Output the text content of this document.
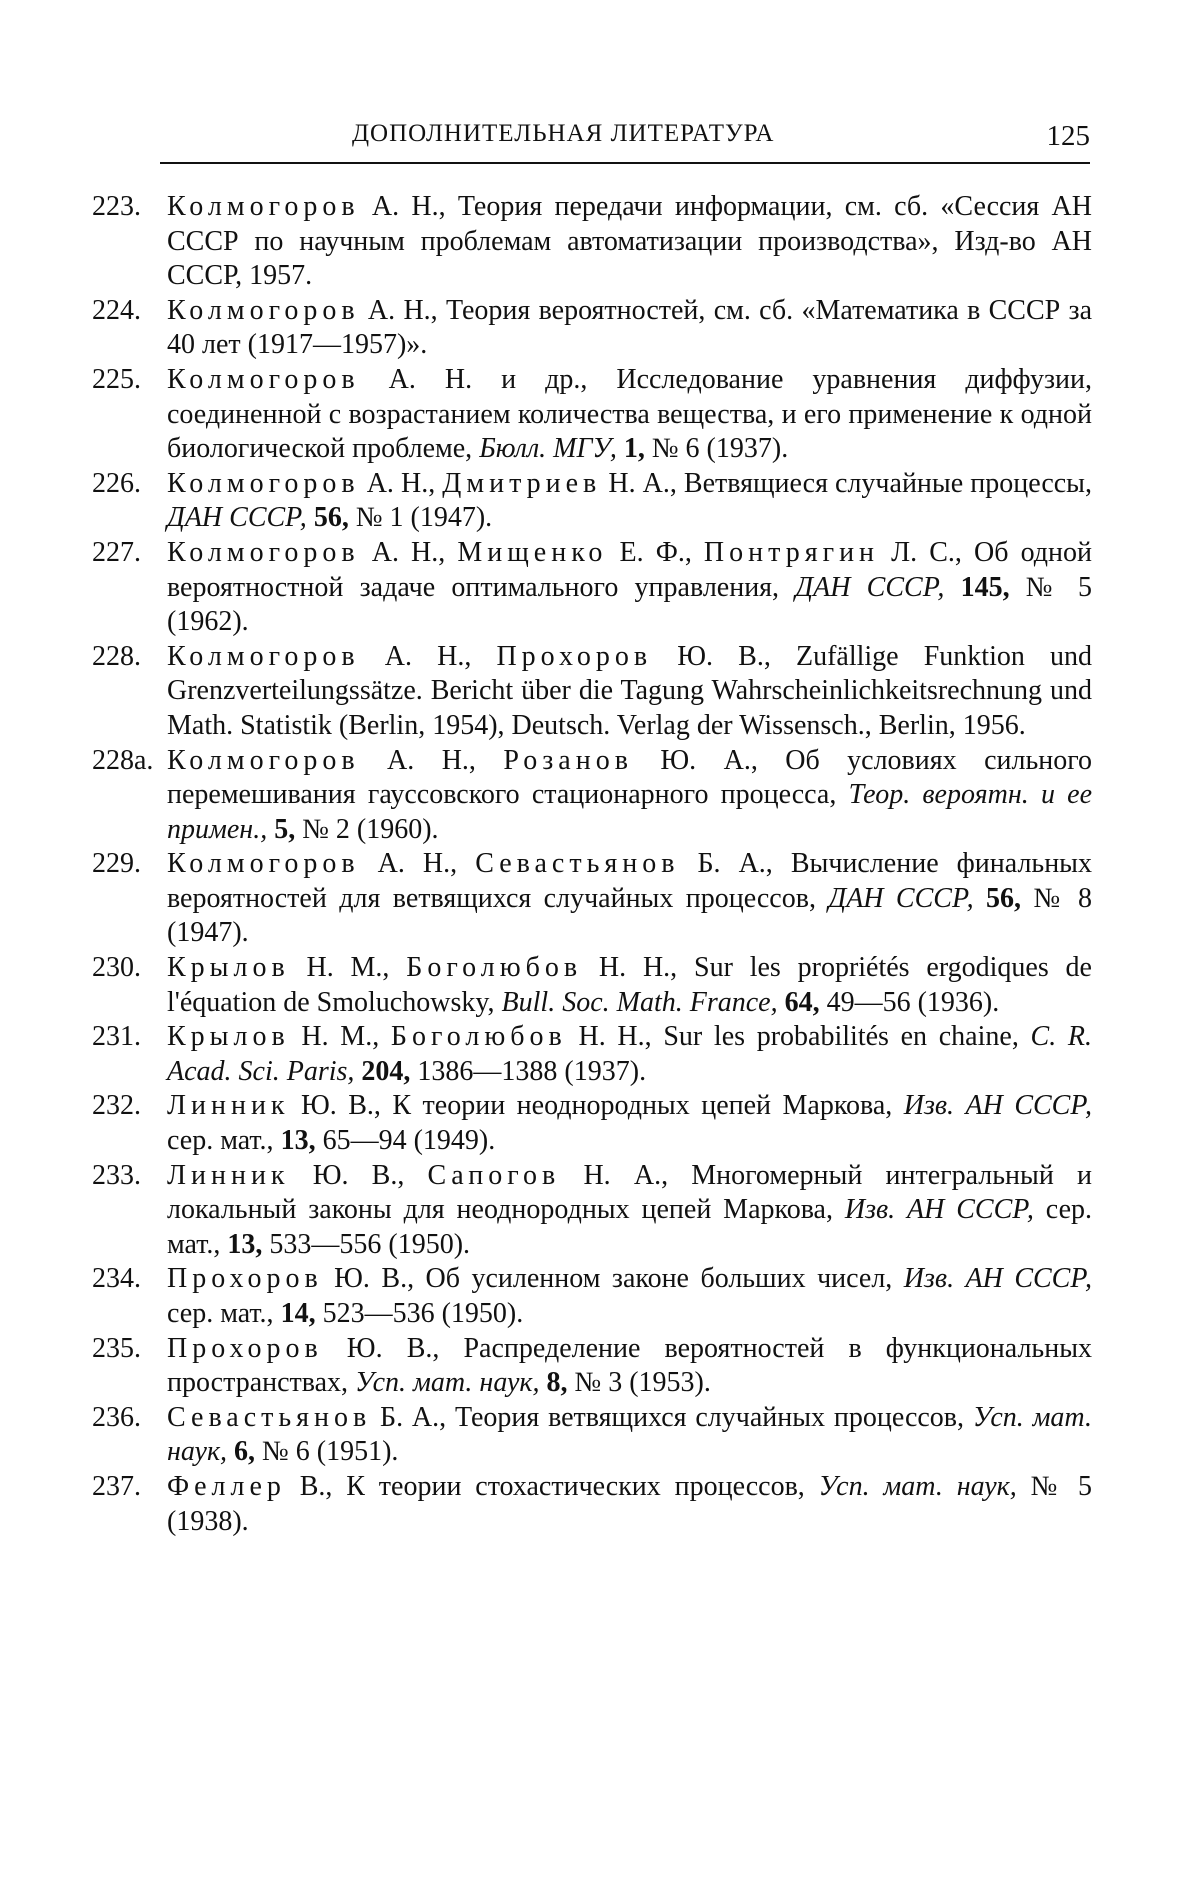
ДОПОЛНИТЕЛЬНАЯ ЛИТЕРАТУРА	125
223. Колмогоров А. Н., Теория передачи информации, см. сб. «Сессия АН СССР по научным проблемам автоматизации производства», Изд-во АН СССР, 1957.
224. Колмогоров А. Н., Теория вероятностей, см. сб. «Математика в СССР за 40 лет (1917—1957)».
225. Колмогоров А. Н. и др., Исследование уравнения диффузии, соединенной с возрастанием количества вещества, и его применение к одной биологической проблеме, Бюлл. МГУ, 1, № 6 (1937).
226. Колмогоров А. Н., Дмитриев Н. А., Ветвящиеся случайные процессы, ДАН СССР, 56, № 1 (1947).
227. Колмогоров А. Н., Мищенко Е. Ф., Понтрягин Л. С., Об одной вероятностной задаче оптимального управления, ДАН СССР, 145, № 5 (1962).
228. Колмогоров А. Н., Прохоров Ю. В., Zufällige Funktion und Grenzverteilungssätze. Bericht über die Tagung Wahrscheinlichkeitsrechnung und Math. Statistik (Berlin, 1954), Deutsch. Verlag der Wissensch., Berlin, 1956.
228а. Колмогоров А. Н., Розанов Ю. А., Об условиях сильного перемешивания гауссовского стационарного процесса, Теор. вероятн. и ее примен., 5, № 2 (1960).
229. Колмогоров А. Н., Севастьянов Б. А., Вычисление финальных вероятностей для ветвящихся случайных процессов, ДАН СССР, 56, № 8 (1947).
230. Крылов Н. М., Боголюбов Н. Н., Sur les propriétés ergodiques de l'équation de Smoluchowsky, Bull. Soc. Math. France, 64, 49—56 (1936).
231. Крылов Н. М., Боголюбов Н. Н., Sur les probabilités en chaine, C. R. Acad. Sci. Paris, 204, 1386—1388 (1937).
232. Линник Ю. В., К теории неоднородных цепей Маркова, Изв. АН СССР, сер. мат., 13, 65—94 (1949).
233. Линник Ю. В., Сапогов Н. А., Многомерный интегральный и локальный законы для неоднородных цепей Маркова, Изв. АН СССР, сер. мат., 13, 533—556 (1950).
234. Прохоров Ю. В., Об усиленном законе больших чисел, Изв. АН СССР, сер. мат., 14, 523—536 (1950).
235. Прохоров Ю. В., Распределение вероятностей в функциональных пространствах, Усп. мат. наук, 8, № 3 (1953).
236. Севастьянов Б. А., Теория ветвящихся случайных процессов, Усп. мат. наук, 6, № 6 (1951).
237. Феллер В., К теории стохастических процессов, Усп. мат. наук, № 5 (1938).
